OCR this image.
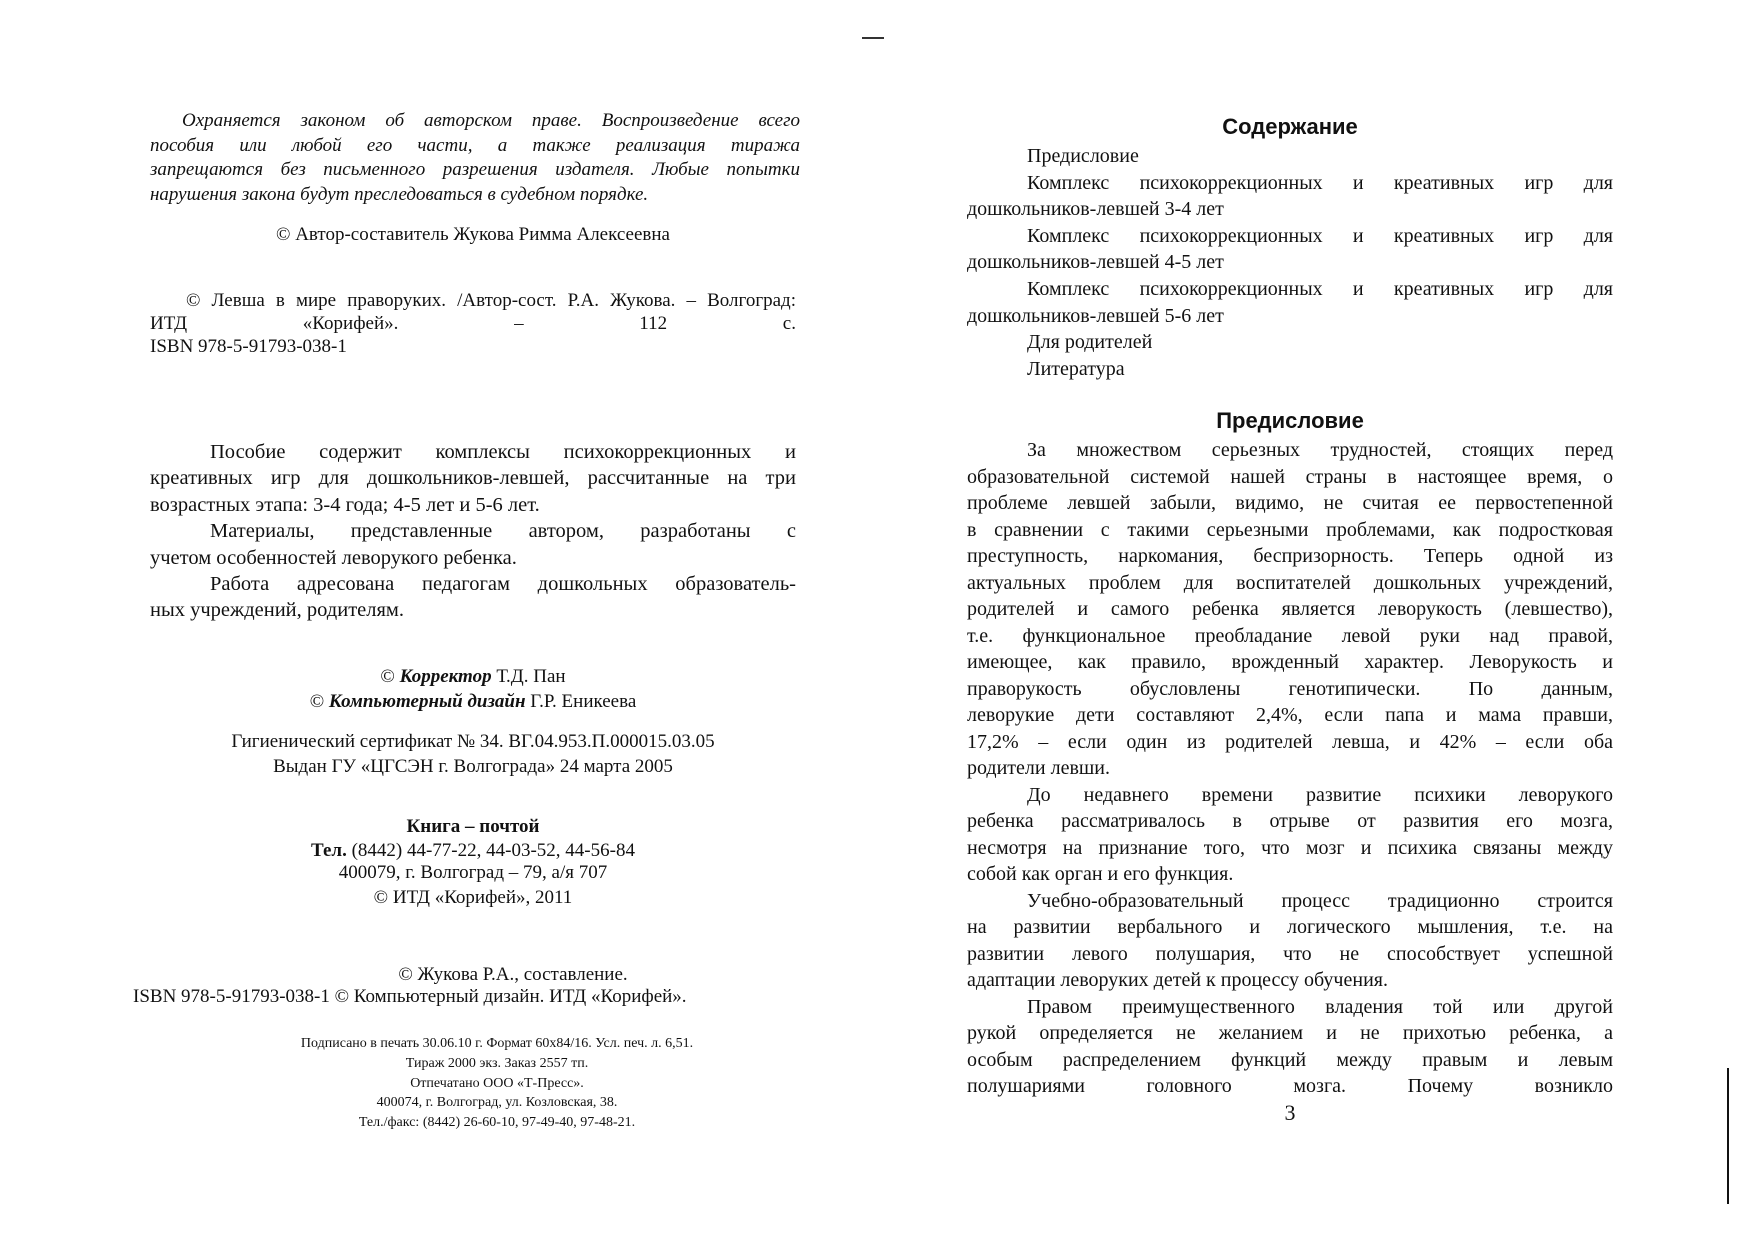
Охраняется законом об авторском праве. Воспроизведение всего
пособия или любой его части, а также реализация тиража
запрещаются без письменного разрешения издателя. Любые попытки
нарушения закона будут преследоваться в судебном порядке.
© Автор-составитель Жукова Римма Алексеевна
© Левша в мире праворуких. /Автор-сост. Р.А. Жукова. – Волгоград:
ИТД «Корифей». – 112 с.
ISBN 978-5-91793-038-1
Пособие содержит комплексы психокоррекционных и
креативных игр для дошкольников-левшей, рассчитанные на три
возрастных этапа: 3-4 года; 4-5 лет и 5-6 лет.
Материалы, представленные автором, разработаны с
учетом особенностей леворукого ребенка.
Работа адресована педагогам дошкольных образователь-
ных учреждений, родителям.
© Корректор Т.Д. Пан
© Компьютерный дизайн Г.Р. Еникеева
Гигиенический сертификат № 34. ВГ.04.953.П.000015.03.05
Выдан ГУ «ЦГСЭН г. Волгограда» 24 марта 2005
Книга – почтой
Тел. (8442) 44-77-22, 44-03-52, 44-56-84
400079, г. Волгоград – 79, а/я 707
© ИТД «Корифей», 2011
© Жукова Р.А., составление.
ISBN 978-5-91793-038-1 © Компьютерный дизайн. ИТД «Корифей».
Подписано в печать 30.06.10 г. Формат 60х84/16. Усл. печ. л. 6,51.
Тираж 2000 экз. Заказ 2557 тп.
Отпечатано ООО «Т-Пресс».
400074, г. Волгоград, ул. Козловская, 38.
Тел./факс: (8442) 26-60-10, 97-49-40, 97-48-21.
Содержание
Предисловие
Комплекс психокоррекционных и креативных игр для
дошкольников-левшей 3-4 лет
Комплекс психокоррекционных и креативных игр для
дошкольников-левшей 4-5 лет
Комплекс психокоррекционных и креативных игр для
дошкольников-левшей 5-6 лет
Для родителей
Литература
Предисловие
За множеством серьезных трудностей, стоящих перед
образовательной системой нашей страны в настоящее время, о
проблеме левшей забыли, видимо, не считая ее первостепенной
в сравнении с такими серьезными проблемами, как подростковая
преступность, наркомания, беспризорность. Теперь одной из
актуальных проблем для воспитателей дошкольных учреждений,
родителей и самого ребенка является леворукость (левшество),
т.е. функциональное преобладание левой руки над правой,
имеющее, как правило, врожденный характер. Леворукость и
праворукость обусловлены генотипически. По данным,
леворукие дети составляют 2,4%, если папа и мама правши,
17,2% – если один из родителей левша, и 42% – если оба
родители левши.
До недавнего времени развитие психики леворукого
ребенка рассматривалось в отрыве от развития его мозга,
несмотря на признание того, что мозг и психика связаны между
собой как орган и его функция.
Учебно-образовательный процесс традиционно строится
на развитии вербального и логического мышления, т.е. на
развитии левого полушария, что не способствует успешной
адаптации леворуких детей к процессу обучения.
Правом преимущественного владения той или другой
рукой определяется не желанием и не прихотью ребенка, а
особым распределением функций между правым и левым
полушариями головного мозга. Почему возникло
3
